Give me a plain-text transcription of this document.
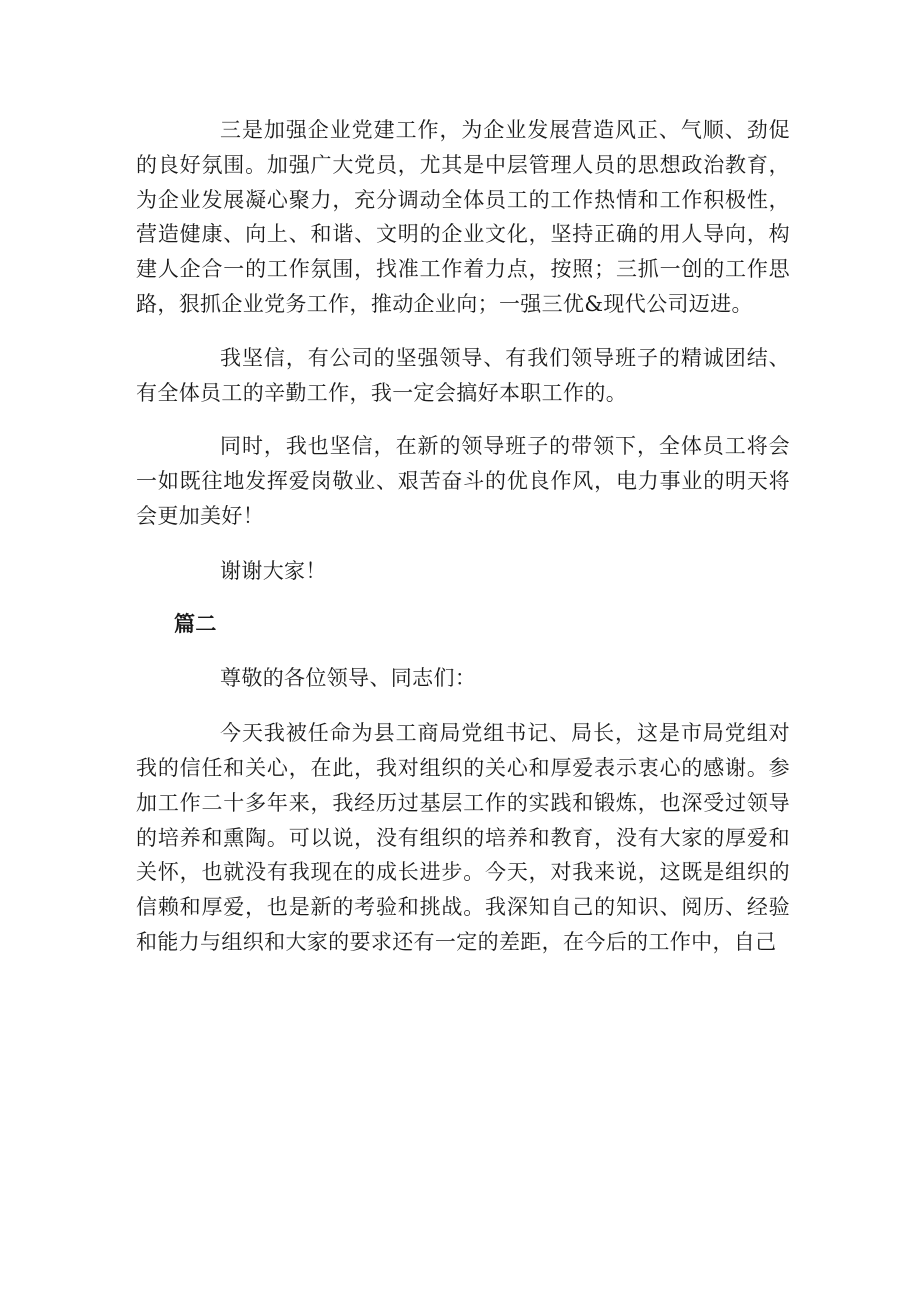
三是加强企业党建工作，为企业发展营造风正、气顺、劲促的良好氛围。加强广大党员，尤其是中层管理人员的思想政治教育，为企业发展凝心聚力，充分调动全体员工的工作热情和工作积极性，营造健康、向上、和谐、文明的企业文化，坚持正确的用人导向，构建人企合一的工作氛围，找准工作着力点，按照；三抓一创的工作思路，狠抓企业党务工作，推动企业向；一强三优&现代公司迈进。

我坚信，有公司的坚强领导、有我们领导班子的精诚团结、有全体员工的辛勤工作，我一定会搞好本职工作的。

同时，我也坚信，在新的领导班子的带领下，全体员工将会一如既往地发挥爱岗敬业、艰苦奋斗的优良作风，电力事业的明天将会更加美好！

谢谢大家！

篇二

尊敬的各位领导、同志们：

今天我被任命为县工商局党组书记、局长，这是市局党组对我的信任和关心，在此，我对组织的关心和厚爱表示衷心的感谢。参加工作二十多年来，我经历过基层工作的实践和锻炼，也深受过领导的培养和熏陶。可以说，没有组织的培养和教育，没有大家的厚爱和关怀，也就没有我现在的成长进步。今天，对我来说，这既是组织的信赖和厚爱，也是新的考验和挑战。我深知自己的知识、阅历、经验和能力与组织和大家的要求还有一定的差距，在今后的工作中，自己
